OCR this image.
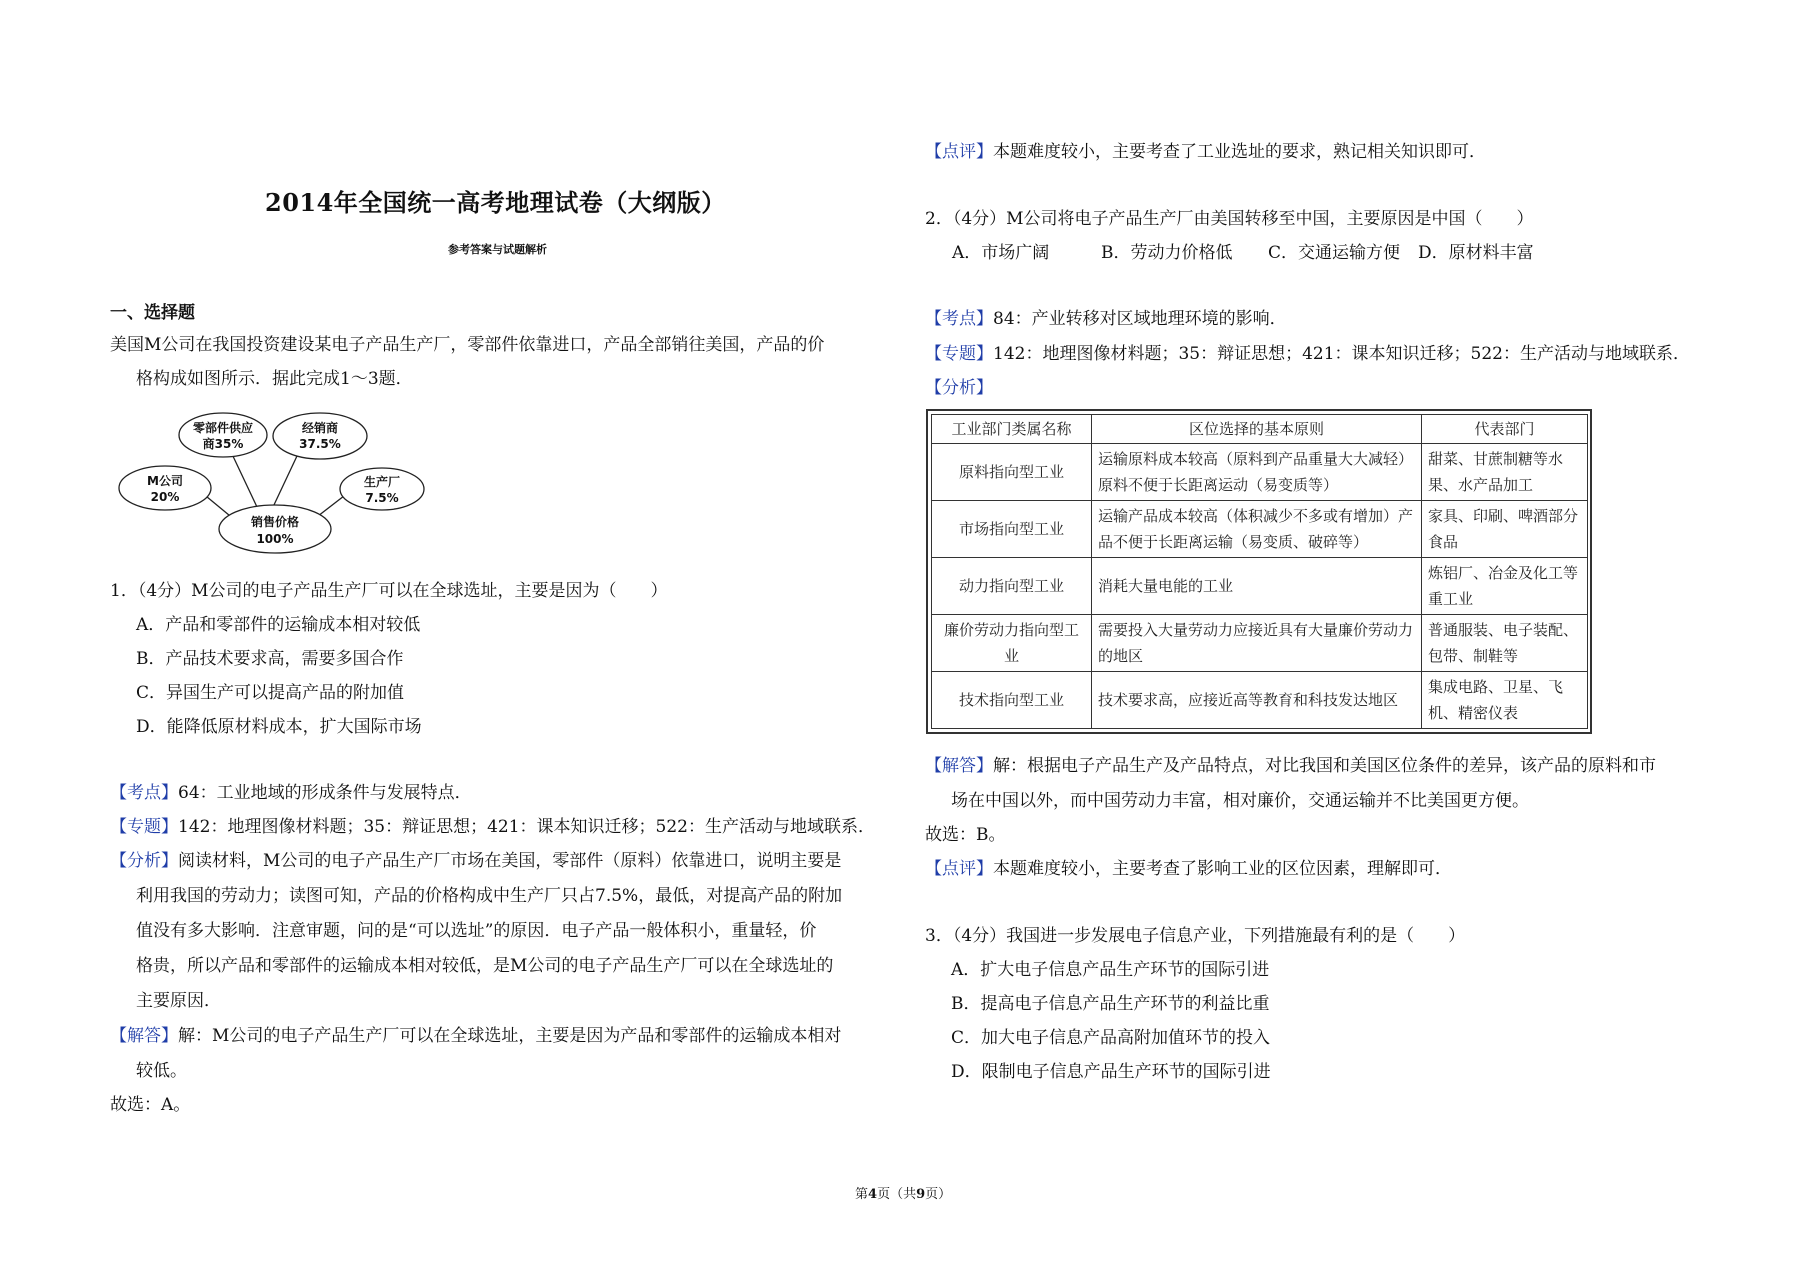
2014年全国统一高考地理试卷（大纲版）
参考答案与试题解析
一、选择题
美国M公司在我国投资建设某电子产品生产厂，零部件依靠进口，产品全部销往美国，产品的价
格构成如图所示．据此完成1～3题．
零部件供应
商35%
经销商
37.5%
M公司
20%
生产厂
7.5%
销售价格
100%
1．（4分）M公司的电子产品生产厂可以在全球选址，主要是因为（　　）
A．产品和零部件的运输成本相对较低
B．产品技术要求高，需要多国合作
C．异国生产可以提高产品的附加值
D．能降低原材料成本，扩大国际市场
【考点】64：工业地域的形成条件与发展特点．
【专题】142：地理图像材料题；35：辩证思想；421：课本知识迁移；522：生产活动与地域联系．
【分析】阅读材料，M公司的电子产品生产厂市场在美国，零部件（原料）依靠进口，说明主要是
利用我国的劳动力；读图可知，产品的价格构成中生产厂只占7.5%，最低，对提高产品的附加
值没有多大影响．注意审题，问的是“可以选址”的原因．电子产品一般体积小，重量轻，价
格贵，所以产品和零部件的运输成本相对较低，是M公司的电子产品生产厂可以在全球选址的
主要原因．
【解答】解：M公司的电子产品生产厂可以在全球选址，主要是因为产品和零部件的运输成本相对
较低。
故选：A。
【点评】本题难度较小，主要考查了工业选址的要求，熟记相关知识即可．
2．（4分）M公司将电子产品生产厂由美国转移至中国，主要原因是中国（　　）
A．市场广阔	B．劳动力价格低 C．交通运输方便 D．原材料丰富
【考点】84：产业转移对区域地理环境的影响．
【专题】142：地理图像材料题；35：辩证思想；421：课本知识迁移；522：生产活动与地域联系．
【分析】
工业部门类属名称	区位选择的基本原则	代表部门
原料指向型工业	运输原料成本较高（原料到产品重量大大减轻）原料不便于长距离运动（易变质等）	甜菜、甘蔗制糖等水果、水产品加工
市场指向型工业	运输产品成本较高（体积减少不多或有增加）产品不便于长距离运输（易变质、破碎等）	家具、印刷、啤酒部分食品
动力指向型工业	消耗大量电能的工业	炼铝厂、冶金及化工等重工业
廉价劳动力指向型工业	需要投入大量劳动力应接近具有大量廉价劳动力的地区	普通服装、电子装配、包带、制鞋等
技术指向型工业	技术要求高，应接近高等教育和科技发达地区	集成电路、卫星、飞机、精密仪表
【解答】解：根据电子产品生产及产品特点，对比我国和美国区位条件的差异，该产品的原料和市
场在中国以外，而中国劳动力丰富，相对廉价，交通运输并不比美国更方便。
故选：B。
【点评】本题难度较小，主要考查了影响工业的区位因素，理解即可．
3．（4分）我国进一步发展电子信息产业，下列措施最有利的是（　　）
A．扩大电子信息产品生产环节的国际引进
B．提高电子信息产品生产环节的利益比重
C．加大电子信息产品高附加值环节的投入
D．限制电子信息产品生产环节的国际引进
第4页（共9页）
